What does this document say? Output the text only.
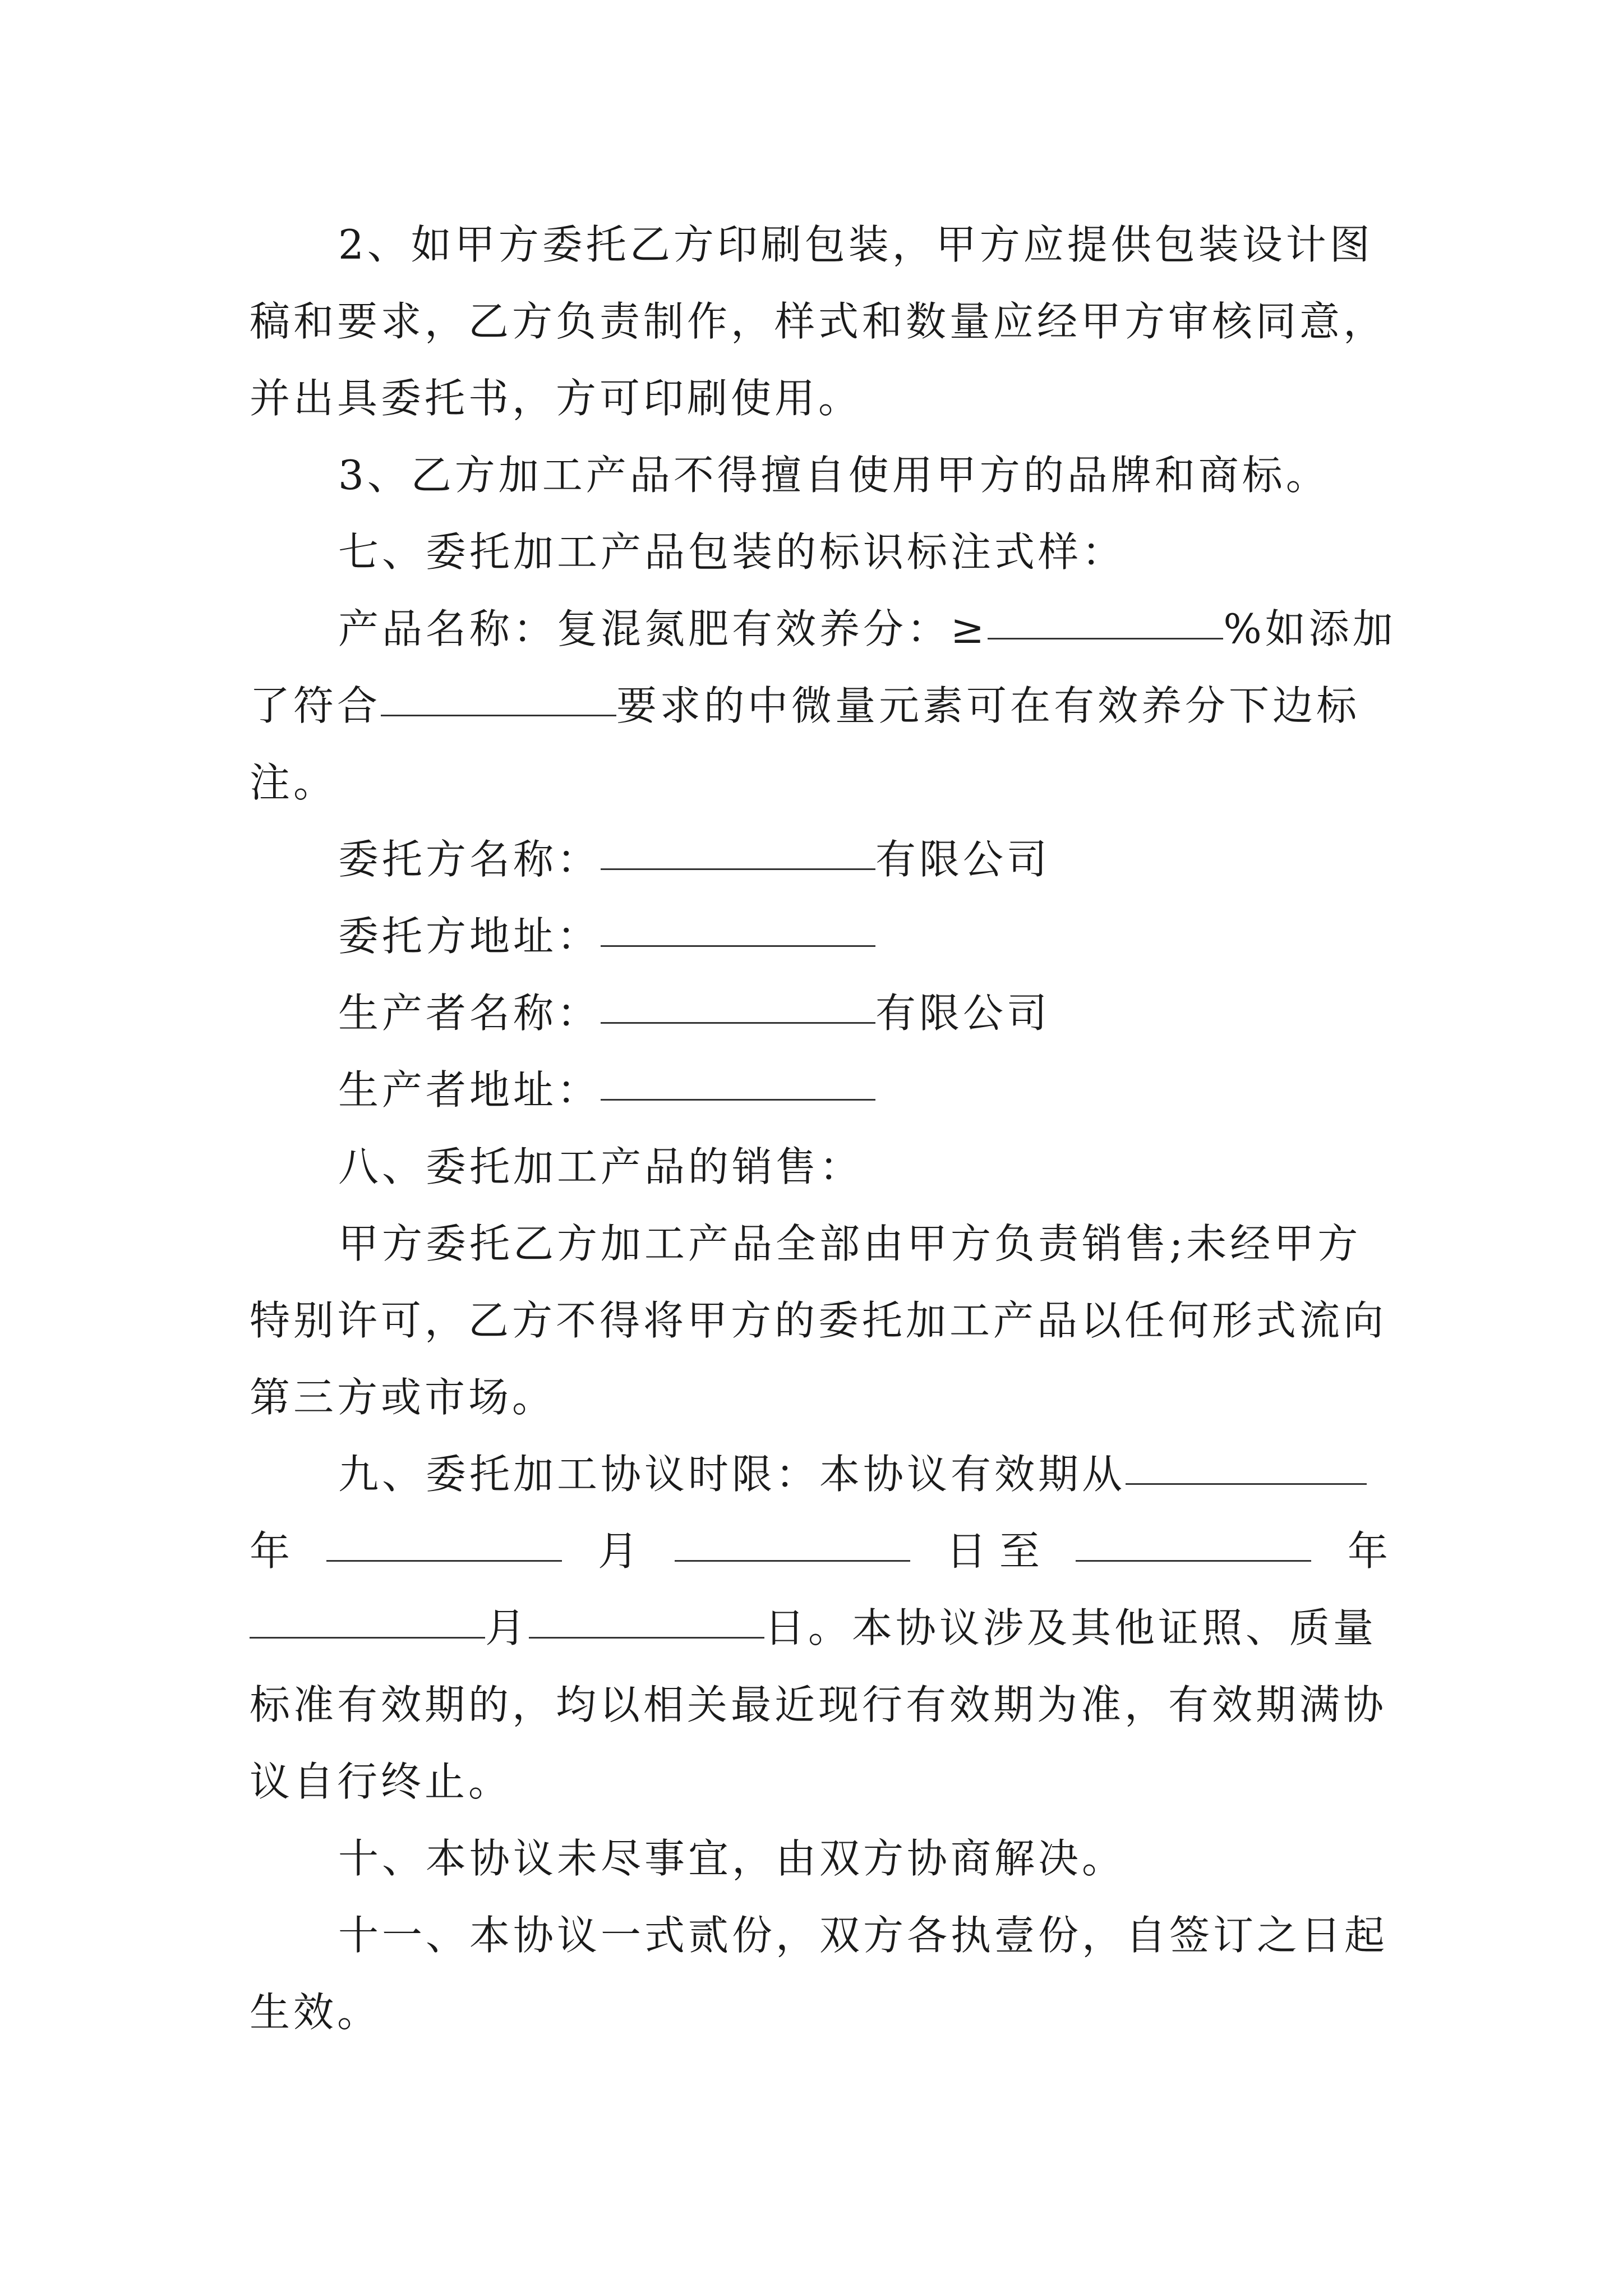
2、如甲方委托乙方印刷包装，甲方应提供包装设计图
稿和要求，乙方负责制作，样式和数量应经甲方审核同意，
并出具委托书，方可印刷使用。
3、乙方加工产品不得擅自使用甲方的品牌和商标。
七、委托加工产品包装的标识标注式样：
产品名称：复混氮肥有效养分：≥	%如添加
了符合	要求的中微量元素可在有效养分下边标
注。
委托方名称：	有限公司
委托方地址：
生产者名称：	有限公司
生产者地址：
八、委托加工产品的销售：
甲方委托乙方加工产品全部由甲方负责销售;未经甲方
特别许可，乙方不得将甲方的委托加工产品以任何形式流向
第三方或市场。
九、委托加工协议时限：本协议有效期从
年	月	日 至	年
月	日。本协议涉及其他证照、质量
标准有效期的，均以相关最近现行有效期为准，有效期满协
议自行终止。
十、本协议未尽事宜，由双方协商解决。
十一、本协议一式贰份，双方各执壹份，自签订之日起
生效。
